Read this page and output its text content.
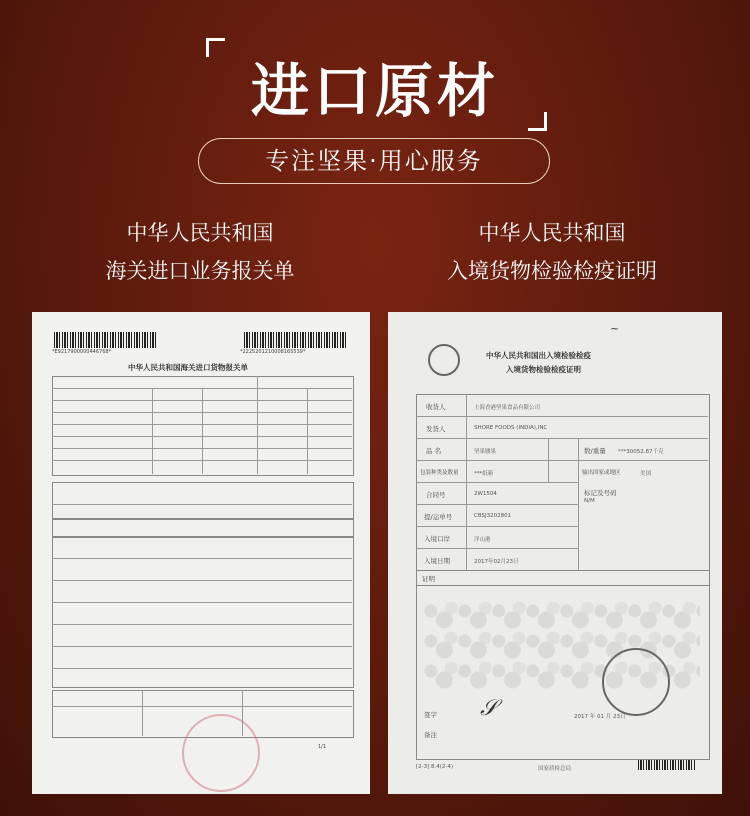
进口原材
专注坚果·用心服务
中华人民共和国
海关进口业务报关单
中华人民共和国
入境货物检验检疫证明
*E9217900000446768*	*2225201210008165539*
中华人民共和国海关进口货物报关单
1/1
~
中华人民共和国出入境检验检疫
入境货物检验检疫证明
收货人	上海香港坚果食品有限公司
发货人	SHORE FOODS (INDIA),INC
品 名	坚果腰果	数/重量 ***30052.87千克
包装种类及数量	***纸箱	输出国家或地区	美国
合同号	2W1504	标记及号码
N/M
提/运单号	CBSJ3202801
入境口岸	洋山港
入境日期	2017年02月23日
证明
签字 𝒮	2017 年 01 月 23日
备注
[2-3] 8.4(2-4)	国家质检总局
